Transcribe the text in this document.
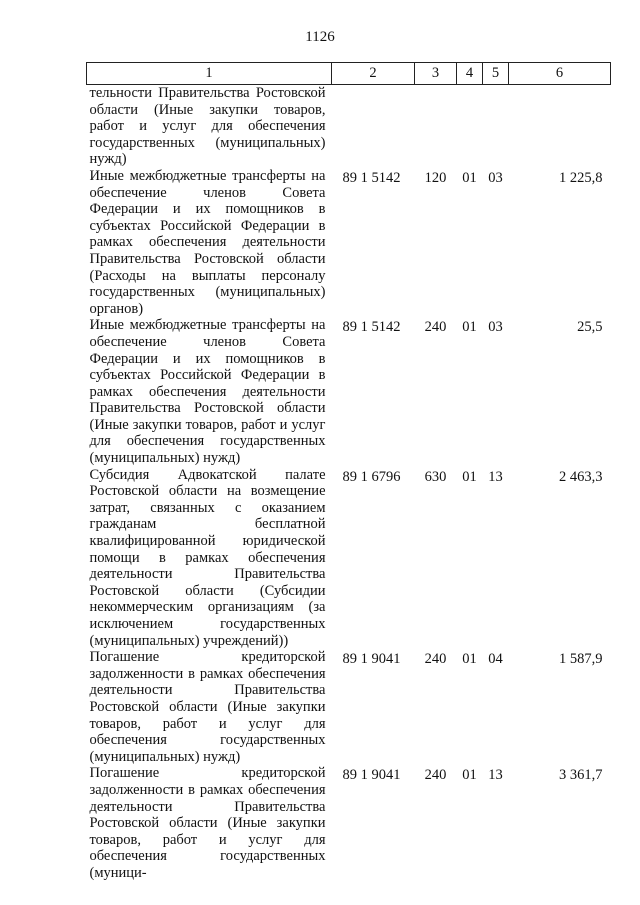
1126
1	2	3	4	5	6
тельности Правительства Ростовской области (Иные закупки товаров, работ и услуг для обеспечения государственных (муниципальных) нужд)					
Иные межбюджетные трансферты на обеспечение членов Совета Федерации и их помощников в субъектах Российской Федерации в рамках обеспечения деятельности Правительства Ростовской области (Расходы на выплаты персоналу государственных (муниципальных) органов)	89 1 5142	120	01	03	1 225,8
Иные межбюджетные трансферты на обеспечение членов Совета Федерации и их помощников в субъектах Российской Федерации в рамках обеспечения деятельности Правительства Ростовской области (Иные закупки товаров, работ и услуг для обеспечения государственных (муниципальных) нужд)	89 1 5142	240	01	03	25,5
Субсидия Адвокатской палате Ростовской области на возмещение затрат, связанных с оказанием гражданам бесплатной квалифицированной юридической помощи в рамках обеспечения деятельности Правительства Ростовской области (Субсидии некоммерческим организациям (за исключением государственных (муниципальных) учреждений))	89 1 6796	630	01	13	2 463,3
Погашение кредиторской задолженности в рамках обеспечения деятельности Правительства Ростовской области (Иные закупки товаров, работ и услуг для обеспечения государственных (муниципальных) нужд)	89 1 9041	240	01	04	1 587,9
Погашение кредиторской задолженности в рамках обеспечения деятельности Правительства Ростовской области (Иные закупки товаров, работ и услуг для обеспечения государственных (муници-	89 1 9041	240	01	13	3 361,7
